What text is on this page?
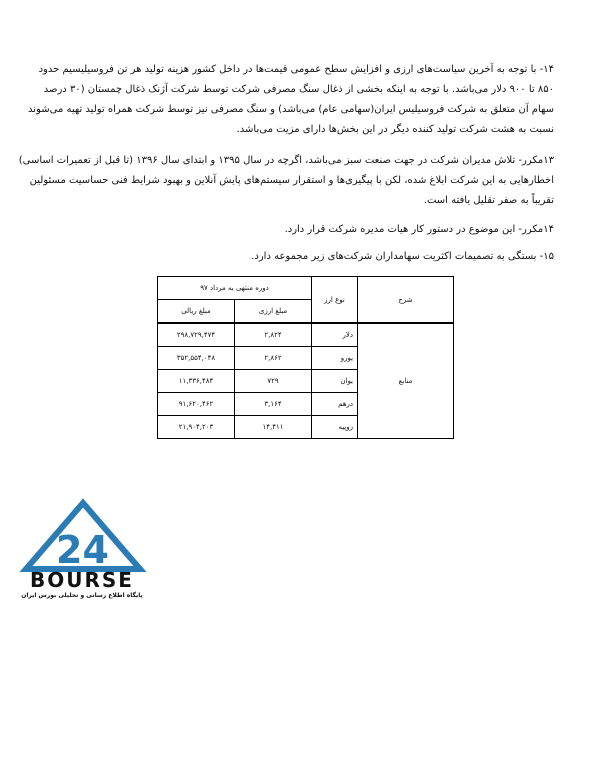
۱۴- با توجه به آخرین سیاست‌های ارزی و افزایش سطح عمومی قیمت‌ها در داخل کشور هزینه تولید هر تن فروسیلیسیم حدود
۸۵۰ تا ۹۰۰ دلار می‌باشد. با توجه به اینکه بخشی از ذغال سنگ مصرفی شرکت توسط شرکت آژنک ذغال چمستان (۳۰ درصد
سهام آن متعلق به شرکت فروسیلیس ایران(سهامی عام) می‌باشد) و سنگ مصرفی نیز توسط شرکت همراه تولید تهیه می‌شوند
نسبت به هشت شرکت تولید کننده دیگر در این بخش‌ها دارای مزیت می‌باشد.
۱۳مکرر- تلاش مدیران شرکت در جهت صنعت سبز می‌باشد، اگرچه در سال ۱۳۹۵ و ابتدای سال ۱۳۹۶ (تا قبل از تعمیرات اساسی)
اخطارهایی به این شرکت ابلاغ شده، لکن با پیگیری‌ها و استقرار سیستم‌های پایش آنلاین و بهبود شرایط فنی حساسیت مسئولین
تقریباً به صفر تقلیل یافته است.
۱۴مکرر- این موضوع در دستور کار هیات مدیره شرکت قرار دارد.
۱۵- بستگی به تصمیمات اکثریت سهامداران شرکت‌های زیر مجموعه دارد.
شرح	نوع ارز	دوره منتهی به مرداد ۹۷	
		مبلغ ارزی	مبلغ ریالی
منابع	دلار	۲,۸۲۴	۲۹۸,۷۲۹,۴۷۴
	یورو	۲,۸۶۲	۳۵۲,۵۵۴,۰۴۸
	یوان	۷۲۹	۱۱,۳۳۶,۴۸۴
	درهم	۳,۱۶۴	۹۱,۶۲۰,۴۶۲
	روپیه	۱۴,۴۱۱	۲۱,۹۰۴,۲۰۳
24
BOURSE
پایگاه اطلاع رسانی و تحلیلی بورس ایران
